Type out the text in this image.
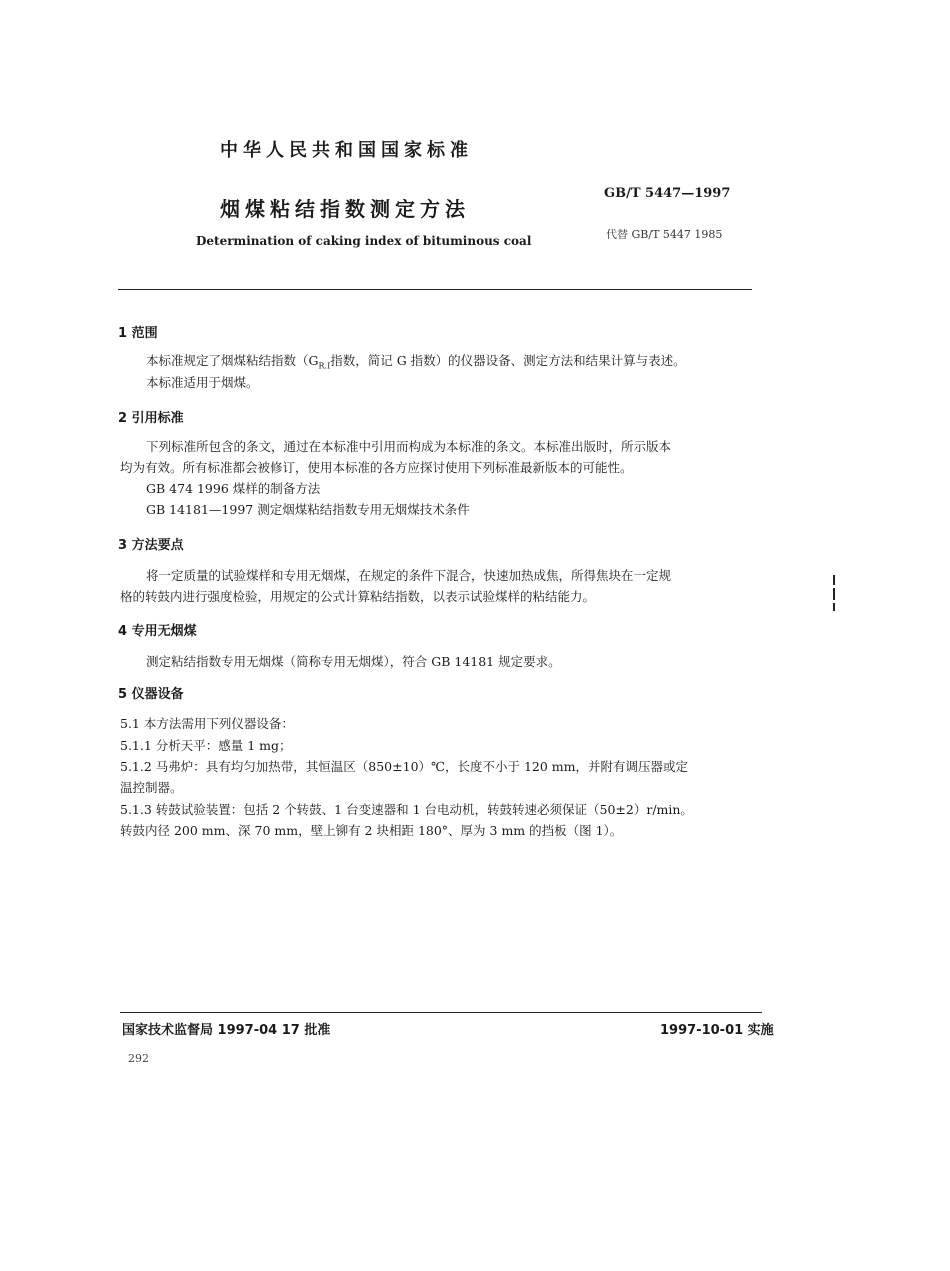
中华人民共和国国家标准
烟煤粘结指数测定方法
Determination of caking index of bituminous coal
GB/T 5447—1997
代替 GB/T 5447 1985
1 范围
本标准规定了烟煤粘结指数（$G_{R.I}$指数，简记 G 指数）的仪器设备、测定方法和结果计算与表述。
本标准适用于烟煤。
2 引用标准
下列标准所包含的条文，通过在本标准中引用而构成为本标准的条文。本标准出版时，所示版本
均为有效。所有标准都会被修订，使用本标准的各方应探讨使用下列标准最新版本的可能性。
GB 474 1996 煤样的制备方法
GB 14181—1997 测定烟煤粘结指数专用无烟煤技术条件
3 方法要点
将一定质量的试验煤样和专用无烟煤，在规定的条件下混合，快速加热成焦，所得焦块在一定规
格的转鼓内进行强度检验，用规定的公式计算粘结指数，以表示试验煤样的粘结能力。
4 专用无烟煤
测定粘结指数专用无烟煤（简称专用无烟煤），符合 GB 14181 规定要求。
5 仪器设备
5.1 本方法需用下列仪器设备：
5.1.1 分析天平：感量 1 mg；
5.1.2 马弗炉：具有均匀加热带，其恒温区（850±10）℃，长度不小于 120 mm，并附有调压器或定
温控制器。
5.1.3 转鼓试验装置：包括 2 个转鼓、1 台变速器和 1 台电动机，转鼓转速必须保证（50±2）r/min。
转鼓内径 200 mm、深 70 mm，壁上铆有 2 块相距 180°、厚为 3 mm 的挡板（图 1）。
国家技术监督局 1997-04 17 批准	1997-10-01 实施
292
